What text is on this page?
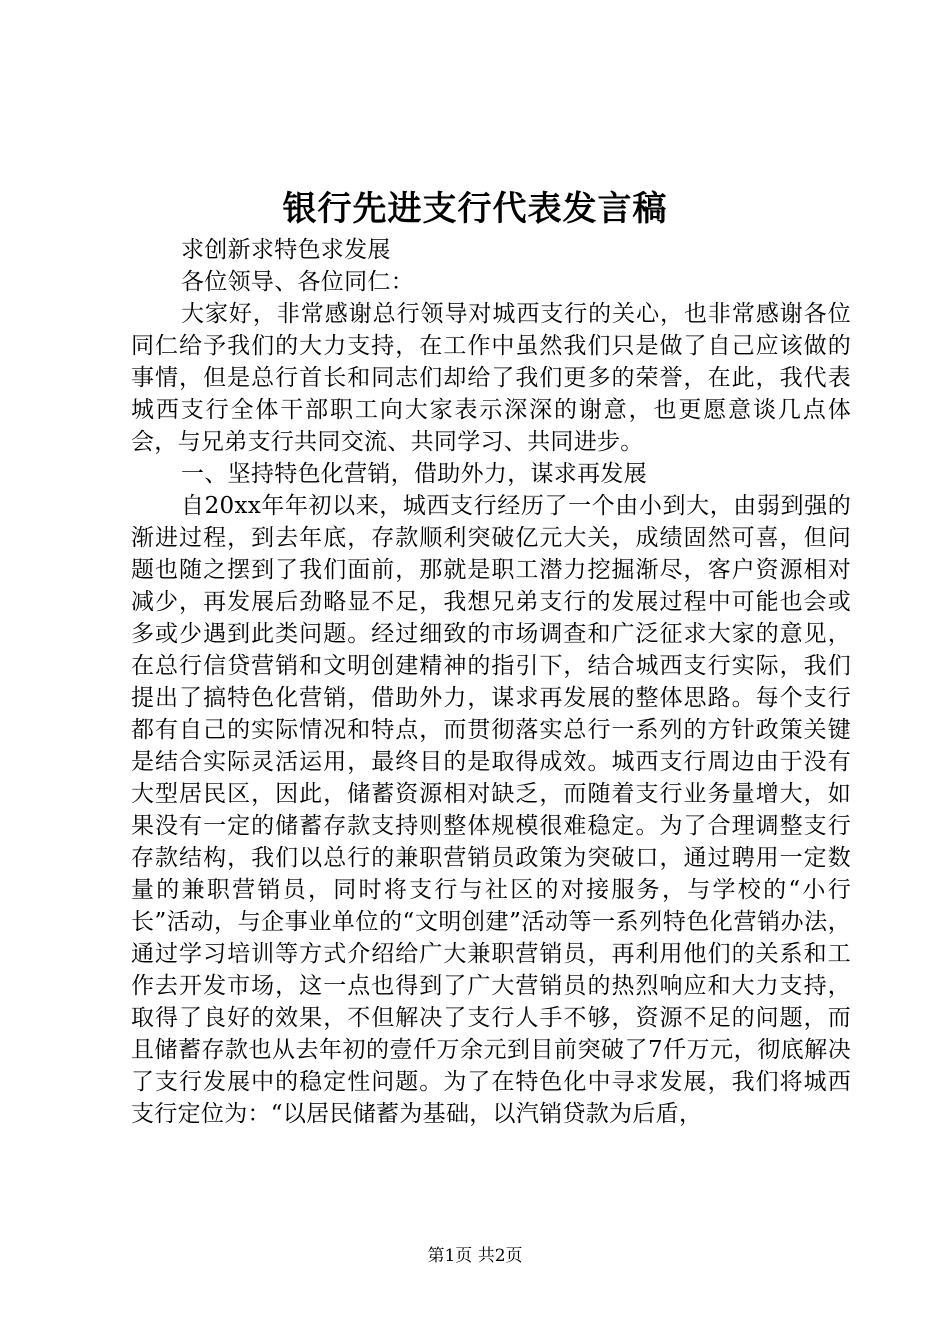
银行先进支行代表发言稿

求创新求特色求发展

各位领导、各位同仁：

大家好，非常感谢总行领导对城西支行的关心，也非常感谢各位同仁给予我们的大力支持，在工作中虽然我们只是做了自己应该做的事情，但是总行首长和同志们却给了我们更多的荣誉，在此，我代表城西支行全体干部职工向大家表示深深的谢意，也更愿意谈几点体会，与兄弟支行共同交流、共同学习、共同进步。

一、坚持特色化营销，借助外力，谋求再发展

自20xx年年初以来，城西支行经历了一个由小到大，由弱到强的渐进过程，到去年底，存款顺利突破亿元大关，成绩固然可喜，但问题也随之摆到了我们面前，那就是职工潜力挖掘渐尽，客户资源相对减少，再发展后劲略显不足，我想兄弟支行的发展过程中可能也会或多或少遇到此类问题。经过细致的市场调查和广泛征求大家的意见，在总行信贷营销和文明创建精神的指引下，结合城西支行实际，我们提出了搞特色化营销，借助外力，谋求再发展的整体思路。每个支行都有自己的实际情况和特点，而贯彻落实总行一系列的方针政策关键是结合实际灵活运用，最终目的是取得成效。城西支行周边由于没有大型居民区，因此，储蓄资源相对缺乏，而随着支行业务量增大，如果没有一定的储蓄存款支持则整体规模很难稳定。为了合理调整支行存款结构，我们以总行的兼职营销员政策为突破口，通过聘用一定数量的兼职营销员，同时将支行与社区的对接服务，与学校的“小行长”活动，与企事业单位的“文明创建”活动等一系列特色化营销办法，通过学习培训等方式介绍给广大兼职营销员，再利用他们的关系和工作去开发市场，这一点也得到了广大营销员的热烈响应和大力支持，取得了良好的效果，不但解决了支行人手不够，资源不足的问题，而且储蓄存款也从去年初的壹仟万余元到目前突破了7仟万元，彻底解决了支行发展中的稳定性问题。为了在特色化中寻求发展，我们将城西支行定位为：“以居民储蓄为基础，以汽销贷款为后盾，

第1页 共2页
